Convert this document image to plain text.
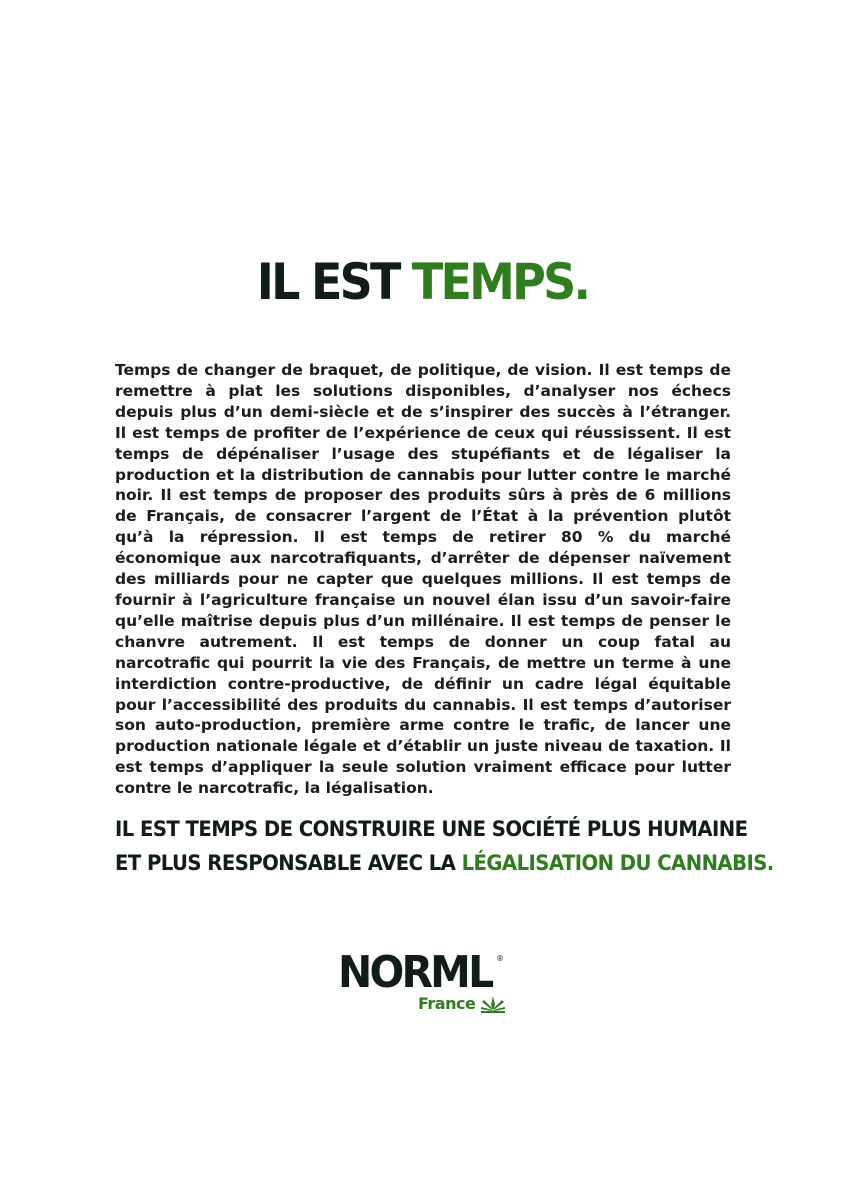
IL EST TEMPS.

Temps de changer de braquet, de politique, de vision. Il est temps de remettre à plat les solutions disponibles, d’analyser nos échecs depuis plus d’un demi-siècle et de s’inspirer des succès à l’étranger. Il est temps de profiter de l’expérience de ceux qui réussissent. Il est temps de dépénaliser l’usage des stupéfiants et de légaliser la production et la distribution de cannabis pour lutter contre le marché noir. Il est temps de proposer des produits sûrs à près de 6 millions de Français, de consacrer l’argent de l’État à la prévention plutôt qu’à la répression. Il est temps de retirer 80 % du marché économique aux narcotrafiquants, d’arrêter de dépenser naïvement des milliards pour ne capter que quelques millions. Il est temps de fournir à l’agriculture française un nouvel élan issu d’un savoir-faire qu’elle maîtrise depuis plus d’un millénaire. Il est temps de penser le chanvre autrement. Il est temps de donner un coup fatal au narcotrafic qui pourrit la vie des Français, de mettre un terme à une interdiction contre-productive, de définir un cadre légal équitable pour l’accessibilité des produits du cannabis. Il est temps d’autoriser son auto-production, première arme contre le trafic, de lancer une production nationale légale et d’établir un juste niveau de taxation. Il est temps d’appliquer la seule solution vraiment efficace pour lutter contre le narcotrafic, la légalisation.

IL EST TEMPS DE CONSTRUIRE UNE SOCIÉTÉ PLUS HUMAINE
ET PLUS RESPONSABLE AVEC LA LÉGALISATION DU CANNABIS.
NORML ®
France
